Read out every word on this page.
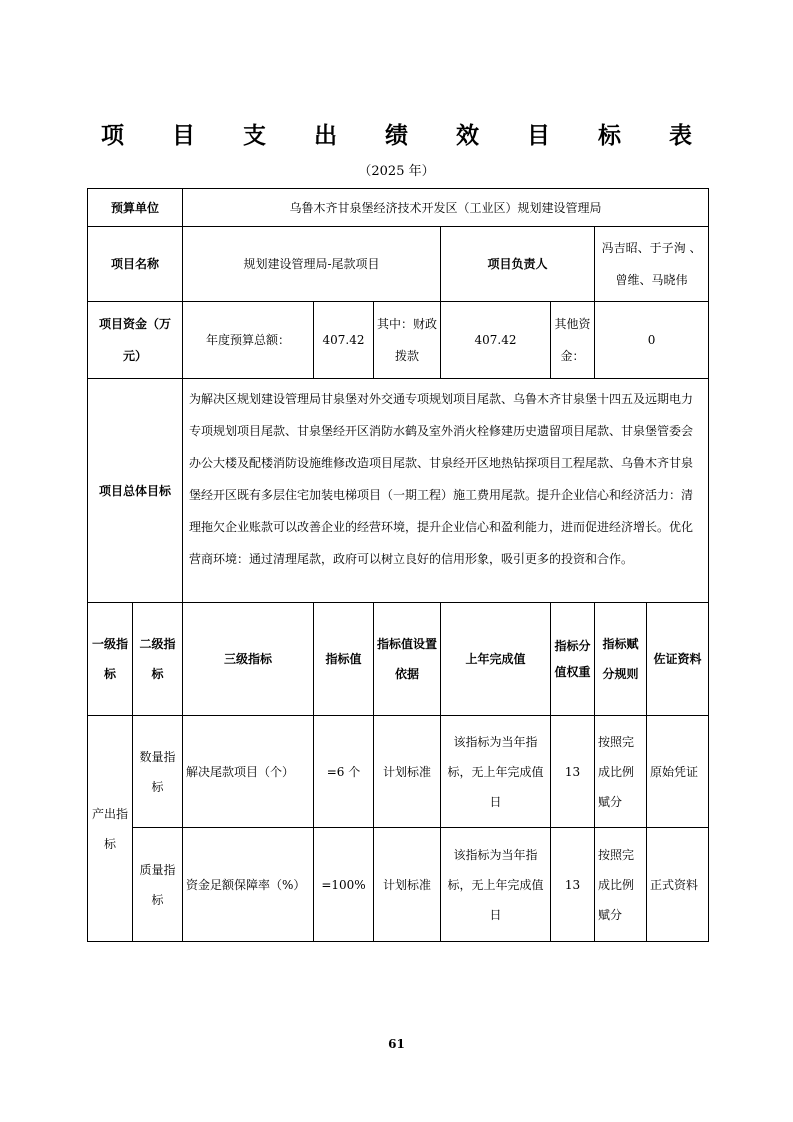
项 目 支 出 绩 效 目 标 表
（2025 年）
预算单位		乌鲁木齐甘泉堡经济技术开发区（工业区）规划建设管理局						
项目名称		规划建设管理局-尾款项目			项目负责人		冯吉昭、于子洵 、曾维、马晓伟	
项目资金（万元）		年度预算总额：	407.42	其中：财政拨款	407.42	其他资金：	0	
项目总体目标		为解决区规划建设管理局甘泉堡对外交通专项规划项目尾款、乌鲁木齐甘泉堡十四五及远期电力专项规划项目尾款、甘泉堡经开区消防水鹤及室外消火栓修建历史遗留项目尾款、甘泉堡管委会办公大楼及配楼消防设施维修改造项目尾款、甘泉经开区地热钻探项目工程尾款、乌鲁木齐甘泉堡经开区既有多层住宅加装电梯项目（一期工程）施工费用尾款。提升企业信心和经济活力：清理拖欠企业账款可以改善企业的经营环境，提升企业信心和盈利能力，进而促进经济增长。优化营商环境：通过清理尾款，政府可以树立良好的信用形象，吸引更多的投资和合作。						
一级指标	二级指标	三级指标	指标值	指标值设置依据	上年完成值	指标分值权重	指标赋分规则	佐证资料
产出指标	数量指标	解决尾款项目（个）	=6 个	计划标准	该指标为当年指标，无上年完成值日	13	按照完成比例赋分	原始凭证
	质量指标	资金足额保障率（%）	=100%	计划标准	该指标为当年指标，无上年完成值日	13	按照完成比例赋分	正式资料
61
